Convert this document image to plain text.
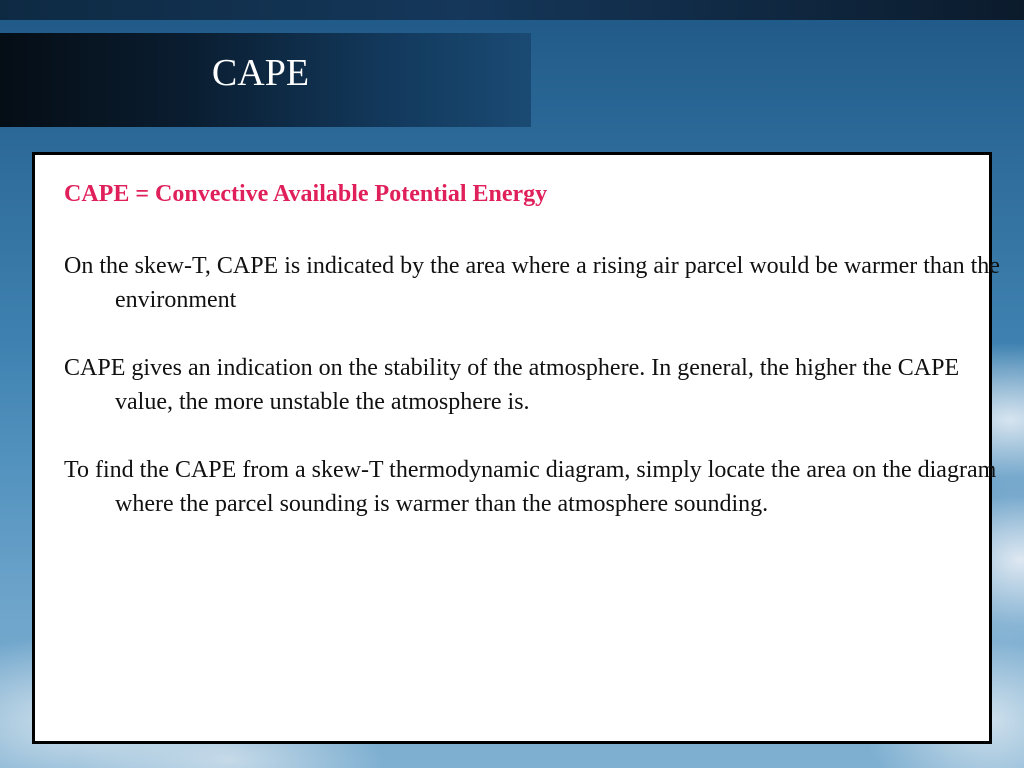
CAPE

CAPE = Convective Available Potential Energy

On the skew-T, CAPE is indicated by the area where a rising air parcel would be warmer than the environment

CAPE gives an indication on the stability of the atmosphere. In general, the higher the CAPE value, the more unstable the atmosphere is.

To find the CAPE from a skew-T thermodynamic diagram, simply locate the area on the diagram where the parcel sounding is warmer than the atmosphere sounding.
